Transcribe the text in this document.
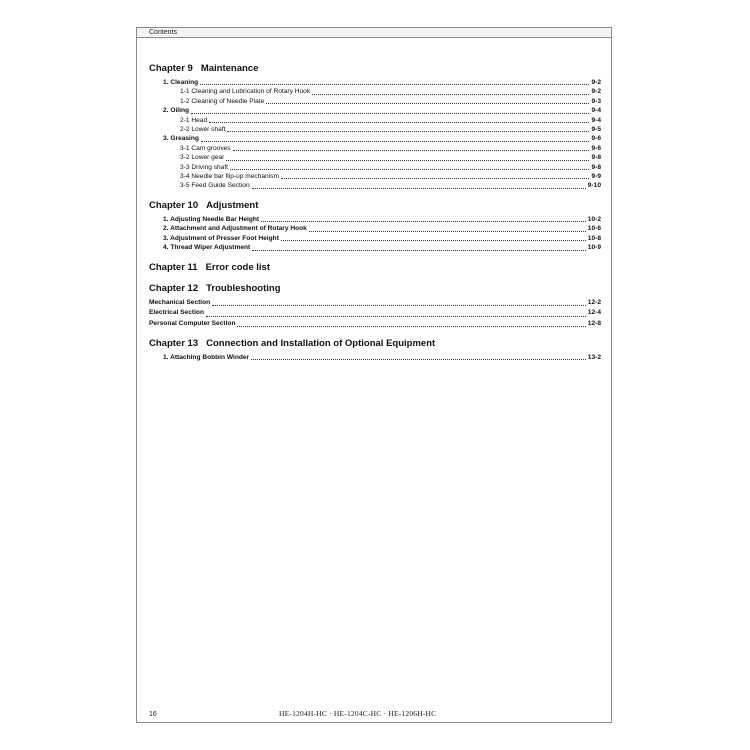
Contents
Chapter 9 Maintenance
1. Cleaning	9-2
1-1 Cleaning and Lubrication of Rotary Hook	9-2
1-2 Cleaning of Needle Plate	9-3
2. Oiling	9-4
2-1 Head	9-4
2-2 Lower shaft	9-5
3. Greasing	9-6
3-1 Cam grooves	9-6
3-2 Lower gear	9-8
3-3 Driving shaft	9-8
3-4 Needle bar flip-up mechanism	9-9
3-5 Feed Guide Section	9-10
Chapter 10 Adjustment
1. Adjusting Needle Bar Height	10-2
2. Attachment and Adjustment of Rotary Hook	10-6
3. Adjustment of Presser Foot Height	10-8
4. Thread Wiper Adjustment	10-9
Chapter 11 Error code list
Chapter 12 Troubleshooting
Mechanical Section	12-2
Electrical Section	12-4
Personal Computer Section	12-8
Chapter 13 Connection and Installation of Optional Equipment
1. Attaching Bobbin Winder	13-2
16	HE-1204H-HC · HE-1204C-HC · HE-1206H-HC
